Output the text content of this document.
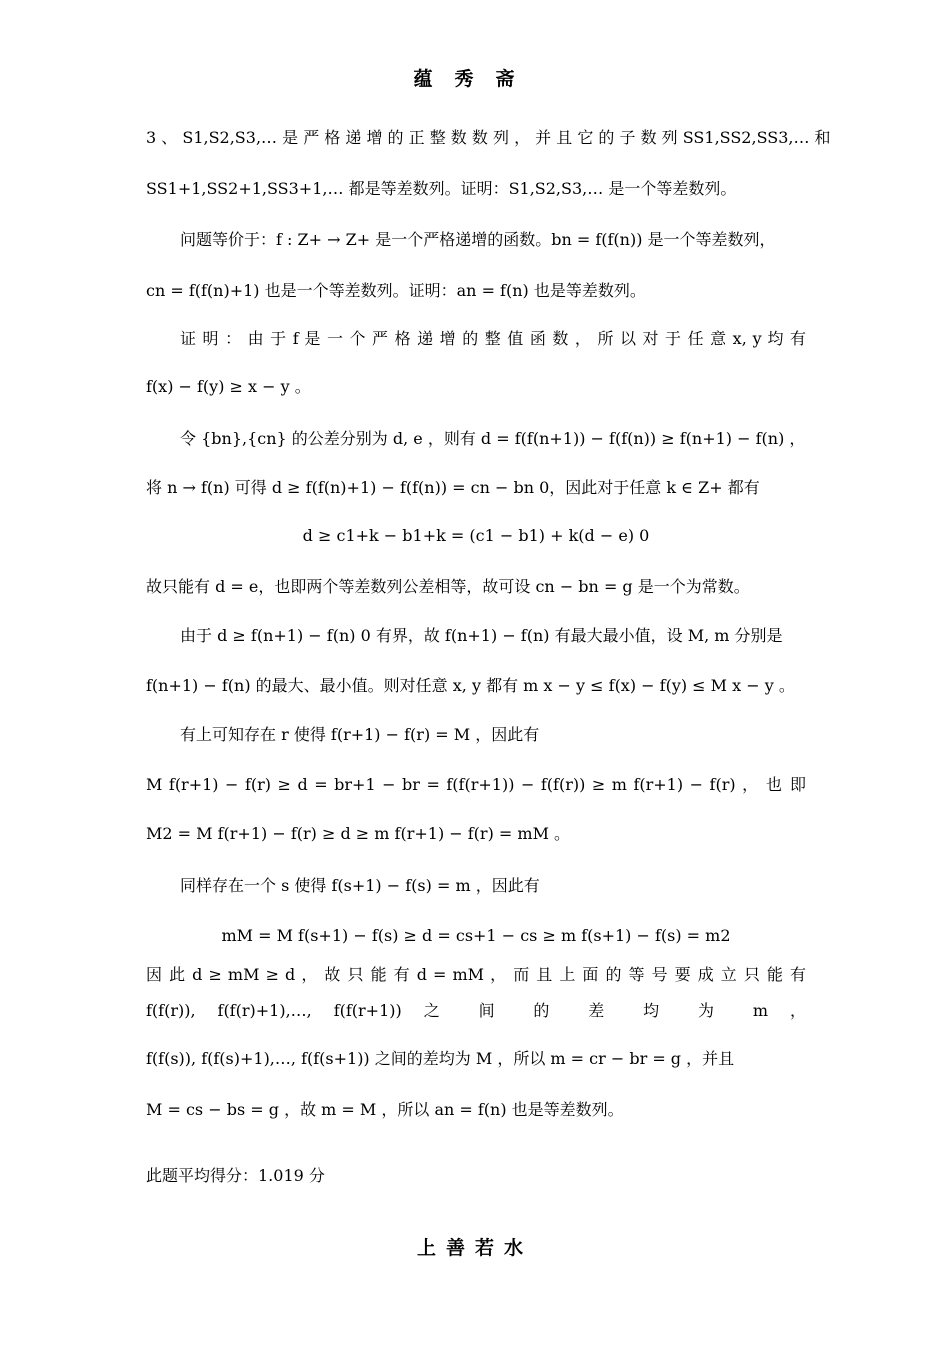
蕴秀斋
3 、 S1,S2,S3,… 是 严 格 递 增 的 正 整 数 数 列 ， 并 且 它 的 子 数 列 SS1,SS2,SS3,… 和
SS1+1,SS2+1,SS3+1,… 都是等差数列。证明：S1,S2,S3,… 是一个等差数列。
问题等价于：f : Z+ → Z+ 是一个严格递增的函数。bn = f(f(n)) 是一个等差数列，
cn = f(f(n)+1) 也是一个等差数列。证明：an = f(n) 也是等差数列。
证 明 ： 由 于 f 是 一 个 严 格 递 增 的 整 值 函 数 ， 所 以 对 于 任 意 x, y 均 有
f(x) − f(y) ≥ x − y 。
令 {bn},{cn} 的公差分别为 d, e ，则有 d = f(f(n+1)) − f(f(n)) ≥ f(n+1) − f(n) ，
将 n → f(n) 可得 d ≥ f(f(n)+1) − f(f(n)) = cn − bn 0，因此对于任意 k ∈ Z+ 都有
d ≥ c1+k − b1+k = (c1 − b1) + k(d − e) 0
故只能有 d = e，也即两个等差数列公差相等，故可设 cn − bn = g 是一个为常数。
由于 d ≥ f(n+1) − f(n) 0 有界，故 f(n+1) − f(n) 有最大最小值，设 M, m 分别是
f(n+1) − f(n) 的最大、最小值。则对任意 x, y 都有 m x − y ≤ f(x) − f(y) ≤ M x − y 。
有上可知存在 r 使得 f(r+1) − f(r) = M ，因此有
M f(r+1) − f(r) ≥ d = br+1 − br = f(f(r+1)) − f(f(r)) ≥ m f(r+1) − f(r) ， 也 即
M2 = M f(r+1) − f(r) ≥ d ≥ m f(r+1) − f(r) = mM 。
同样存在一个 s 使得 f(s+1) − f(s) = m ，因此有
mM = M f(s+1) − f(s) ≥ d = cs+1 − cs ≥ m f(s+1) − f(s) = m2
因 此 d ≥ mM ≥ d ， 故 只 能 有 d = mM ， 而 且 上 面 的 等 号 要 成 立 只 能 有
f(f(r)), f(f(r)+1),…, f(f(r+1)) 之 间 的 差 均 为 m ，
f(f(s)), f(f(s)+1),…, f(f(s+1)) 之间的差均为 M ，所以 m = cr − br = g ，并且
M = cs − bs = g ，故 m = M ，所以 an = f(n) 也是等差数列。
此题平均得分：1.019 分
上善若水
